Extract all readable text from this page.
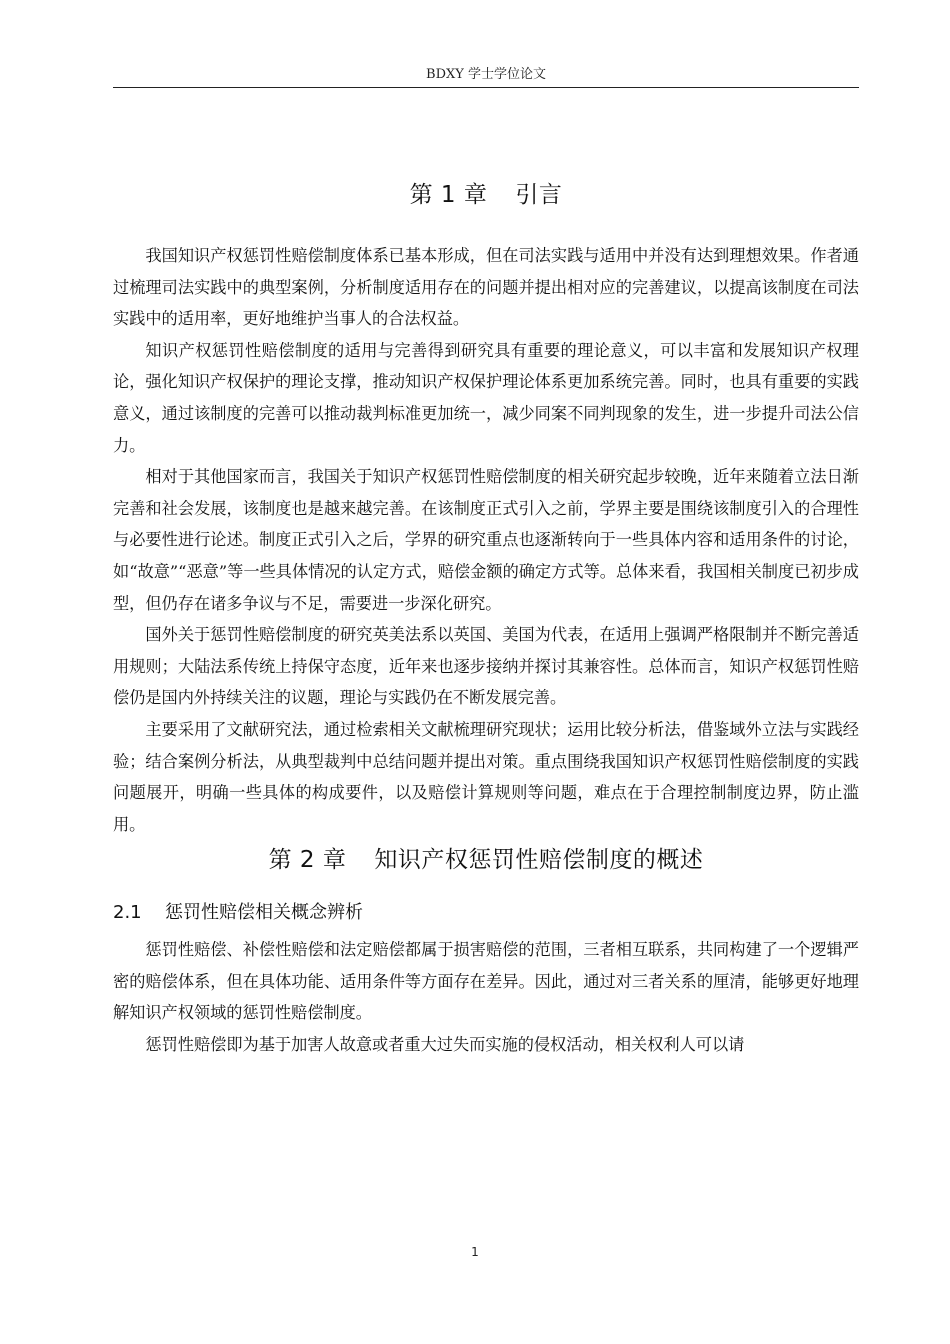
BDXY 学士学位论文
第 1 章 引言

我国知识产权惩罚性赔偿制度体系已基本形成，但在司法实践与适用中并没有达到理想效果。作者通过梳理司法实践中的典型案例，分析制度适用存在的问题并提出相对应的完善建议，以提高该制度在司法实践中的适用率，更好地维护当事人的合法权益。

知识产权惩罚性赔偿制度的适用与完善得到研究具有重要的理论意义，可以丰富和发展知识产权理论，强化知识产权保护的理论支撑，推动知识产权保护理论体系更加系统完善。同时，也具有重要的实践意义，通过该制度的完善可以推动裁判标准更加统一，减少同案不同判现象的发生，进一步提升司法公信力。

相对于其他国家而言，我国关于知识产权惩罚性赔偿制度的相关研究起步较晚，近年来随着立法日渐完善和社会发展，该制度也是越来越完善。在该制度正式引入之前，学界主要是围绕该制度引入的合理性与必要性进行论述。制度正式引入之后，学界的研究重点也逐渐转向于一些具体内容和适用条件的讨论，如“故意”“恶意”等一些具体情况的认定方式，赔偿金额的确定方式等。总体来看，我国相关制度已初步成型，但仍存在诸多争议与不足，需要进一步深化研究。

国外关于惩罚性赔偿制度的研究英美法系以英国、美国为代表，在适用上强调严格限制并不断完善适用规则；大陆法系传统上持保守态度，近年来也逐步接纳并探讨其兼容性。总体而言，知识产权惩罚性赔偿仍是国内外持续关注的议题，理论与实践仍在不断发展完善。

主要采用了文献研究法，通过检索相关文献梳理研究现状；运用比较分析法，借鉴域外立法与实践经验；结合案例分析法，从典型裁判中总结问题并提出对策。重点围绕我国知识产权惩罚性赔偿制度的实践问题展开，明确一些具体的构成要件，以及赔偿计算规则等问题，难点在于合理控制制度边界，防止滥用。

第 2 章 知识产权惩罚性赔偿制度的概述
2.1 惩罚性赔偿相关概念辨析

惩罚性赔偿、补偿性赔偿和法定赔偿都属于损害赔偿的范围，三者相互联系，共同构建了一个逻辑严密的赔偿体系，但在具体功能、适用条件等方面存在差异。因此，通过对三者关系的厘清，能够更好地理解知识产权领域的惩罚性赔偿制度。

惩罚性赔偿即为基于加害人故意或者重大过失而实施的侵权活动，相关权利人可以请

1
